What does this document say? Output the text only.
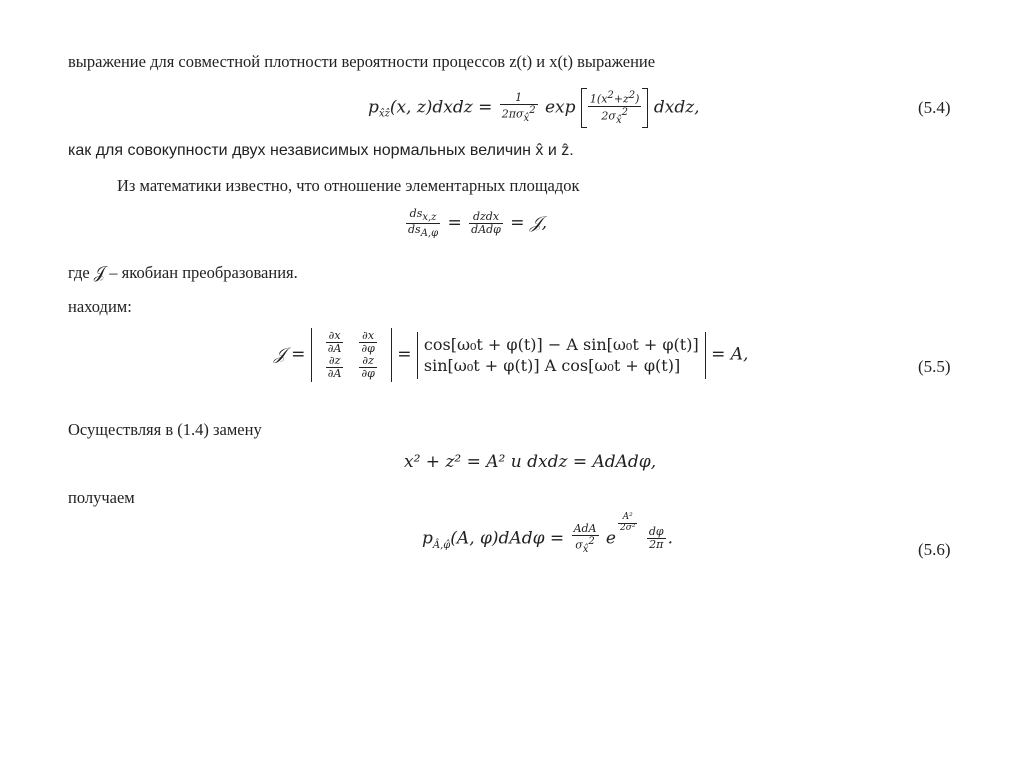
выражение для совместной плотности вероятности процессов z(t) и x(t) выражение
$p_{x̂ẑ}(x$, z)dxdz = $\frac{1}{2\pi\sigma_{x̂}^2}$ $\exp \frac{1(x^2+z^2)}{2\sigma_{x̂}^2}$ dxdz,	(5.4)
как для совокупности двух независимых нормальных величин x̂ и ẑ.
Из математики известно, что отношение элементарных площадок
$\frac{ds_{x,z}}{ds_{A,\varphi}} = \frac{\text{dzdx}}{\text{dAdφ}}$ = 𝒥,
где 𝒥 – якобиан преобразования.
находим:
𝒥 = $\frac{\partial x}{\partial A}$	$\frac{\partial x}{\partial\varphi}$

$\frac{\partial z}{\partial A}$	$\frac{\partial z}{\partial\varphi}$
=
cos[ω₀t + φ(t)] − A sin[ω₀t + φ(t)]
sin[ω₀t + φ(t)] A cos[ω₀t + φ(t)]
= A,
(5.5)
Осуществляя в (1.4) замену
x² + z² = A² и dxdz = AdAdφ,
получаем
$p_{Â,\varphî}(A$, $\varphi)dAd\varphi = \frac{\text{AdA}}{\sigma_{x̂}^2}$ e
$\frac{\text{A²}}{\text{2σ²}}$

$\frac{d\varphi}{2\pi}$ .
(5.6)
